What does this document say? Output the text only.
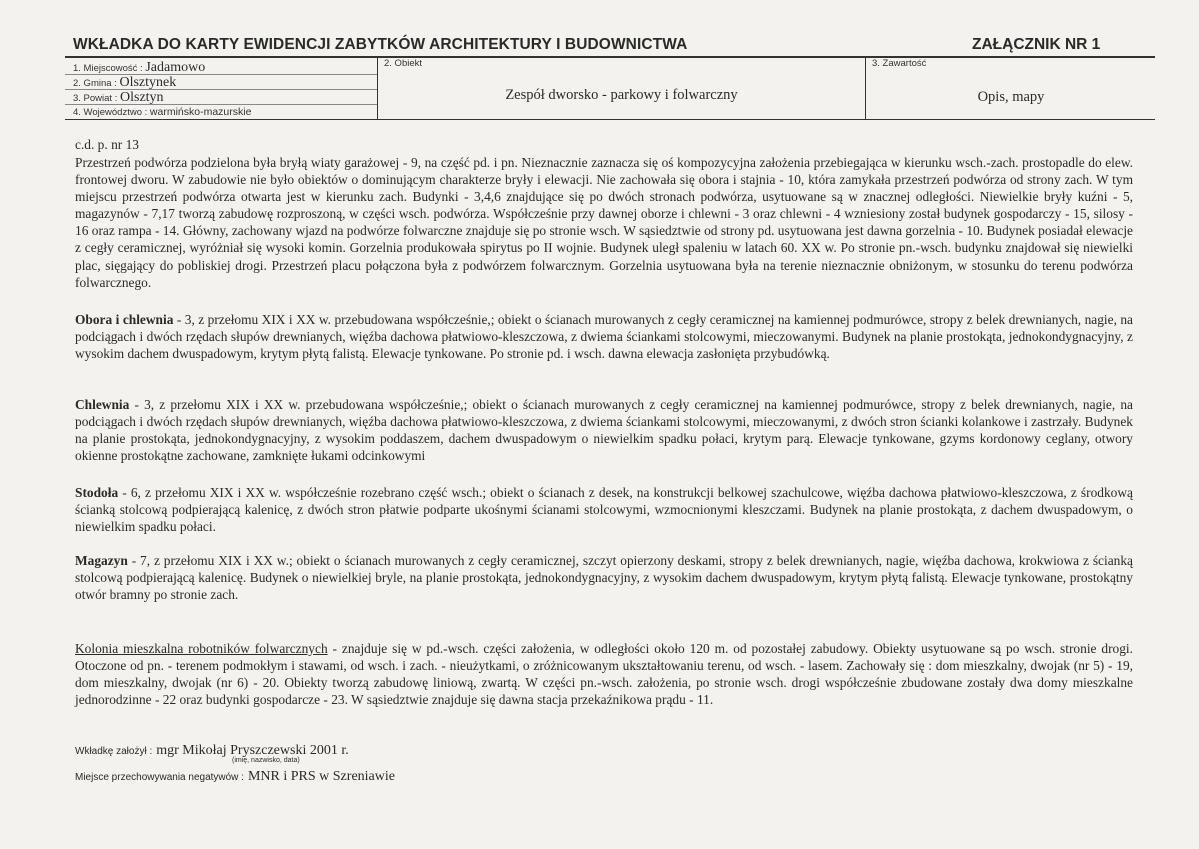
WKŁADKA DO KARTY EWIDENCJI ZABYTKÓW ARCHITEKTURY I BUDOWNICTWA	ZAŁĄCZNIK NR 1
1. Miejscowość : Jadamowo
2. Gmina : Olsztynek
3. Powiat : Olsztyn
4. Województwo : warmińsko-mazurskie
2. Obiekt
Zespół dworsko - parkowy i folwarczny
3. Zawartość
Opis, mapy
c.d. p. nr 13

Przestrzeń podwórza podzielona była bryłą wiaty garażowej - 9, na część pd. i pn. Nieznacznie zaznacza się oś kompozycyjna założenia przebiegająca w kierunku wsch.-zach. prostopadle do elew. frontowej dworu. W zabudowie nie było obiektów o dominującym charakterze bryły i elewacji. Nie zachowała się obora i stajnia - 10, która zamykała przestrzeń podwórza od strony zach. W tym miejscu przestrzeń podwórza otwarta jest w kierunku zach. Budynki - 3,4,6 znajdujące się po dwóch stronach podwórza, usytuowane są w znacznej odległości. Niewielkie bryły kuźni - 5, magazynów - 7,17 tworzą zabudowę rozproszoną, w części wsch. podwórza. Współcześnie przy dawnej oborze i chlewni - 3 oraz chlewni - 4 wzniesiony został budynek gospodarczy - 15, silosy - 16 oraz rampa - 14. Główny, zachowany wjazd na podwórze folwarczne znajduje się po stronie wsch. W sąsiedztwie od strony pd. usytuowana jest dawna gorzelnia - 10. Budynek posiadał elewacje z cegły ceramicznej, wyróżniał się wysoki komin. Gorzelnia produkowała spirytus po II wojnie. Budynek uległ spaleniu w latach 60. XX w. Po stronie pn.-wsch. budynku znajdował się niewielki plac, sięgający do pobliskiej drogi. Przestrzeń placu połączona była z podwórzem folwarcznym. Gorzelnia usytuowana była na terenie nieznacznie obniżonym, w stosunku do terenu podwórza folwarcznego.

Obora i chlewnia - 3, z przełomu XIX i XX w. przebudowana współcześnie,; obiekt o ścianach murowanych z cegły ceramicznej na kamiennej podmurówce, stropy z belek drewnianych, nagie, na podciągach i dwóch rzędach słupów drewnianych, więźba dachowa płatwiowo-kleszczowa, z dwiema ściankami stolcowymi, mieczowanymi. Budynek na planie prostokąta, jednokondygnacyjny, z wysokim dachem dwuspadowym, krytym płytą falistą. Elewacje tynkowane. Po stronie pd. i wsch. dawna elewacja zasłonięta przybudówką.

Chlewnia - 3, z przełomu XIX i XX w. przebudowana współcześnie,; obiekt o ścianach murowanych z cegły ceramicznej na kamiennej podmurówce, stropy z belek drewnianych, nagie, na podciągach i dwóch rzędach słupów drewnianych, więźba dachowa płatwiowo-kleszczowa, z dwiema ściankami stolcowymi, mieczowanymi, z dwóch stron ścianki kolankowe i zastrzały. Budynek na planie prostokąta, jednokondygnacyjny, z wysokim poddaszem, dachem dwuspadowym o niewielkim spadku połaci, krytym parą. Elewacje tynkowane, gzyms kordonowy ceglany, otwory okienne prostokątne zachowane, zamknięte łukami odcinkowymi

Stodoła - 6, z przełomu XIX i XX w. współcześnie rozebrano część wsch.; obiekt o ścianach z desek, na konstrukcji belkowej szachulcowe, więźba dachowa płatwiowo-kleszczowa, z środkową ścianką stolcową podpierającą kalenicę, z dwóch stron płatwie podparte ukośnymi ścianami stolcowymi, wzmocnionymi kleszczami. Budynek na planie prostokąta, z dachem dwuspadowym, o niewielkim spadku połaci.

Magazyn - 7, z przełomu XIX i XX w.; obiekt o ścianach murowanych z cegły ceramicznej, szczyt opierzony deskami, stropy z belek drewnianych, nagie, więźba dachowa, krokwiowa z ścianką stolcową podpierającą kalenicę. Budynek o niewielkiej bryle, na planie prostokąta, jednokondygnacyjny, z wysokim dachem dwuspadowym, krytym płytą falistą. Elewacje tynkowane, prostokątny otwór bramny po stronie zach.

Kolonia mieszkalna robotników folwarcznych - znajduje się w pd.-wsch. części założenia, w odległości około 120 m. od pozostałej zabudowy. Obiekty usytuowane są po wsch. stronie drogi. Otoczone od pn. - terenem podmokłym i stawami, od wsch. i zach. - nieużytkami, o zróżnicowanym ukształtowaniu terenu, od wsch. - lasem. Zachowały się : dom mieszkalny, dwojak (nr 5) - 19, dom mieszkalny, dwojak (nr 6) - 20. Obiekty tworzą zabudowę liniową, zwartą. W części pn.-wsch. założenia, po stronie wsch. drogi współcześnie zbudowane zostały dwa domy mieszkalne jednorodzinne - 22 oraz budynki gospodarcze - 23. W sąsiedztwie znajduje się dawna stacja przekaźnikowa prądu - 11.

Wkładkę założył : mgr Mikołaj Pryszczewski 2001 r.
(imię, nazwisko, data)
Miejsce przechowywania negatywów : MNR i PRS w Szreniawie
